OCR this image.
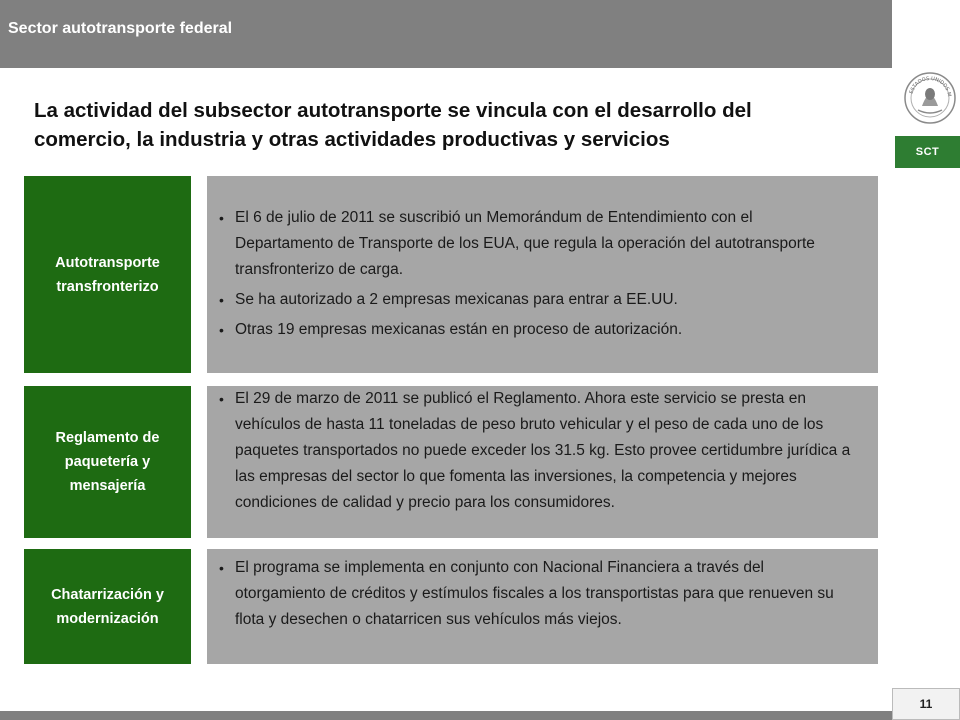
Sector autotransporte federal
ESTADOS UNIDOS M
SCT
La actividad del subsector autotransporte se vincula con el desarrollo del comercio, la industria y otras actividades productivas y servicios
Autotransporte transfronterizo
• El 6 de julio de 2011 se suscribió un Memorándum de Entendimiento con el Departamento de Transporte de los EUA, que regula la operación del autotransporte transfronterizo de carga.
• Se ha autorizado a 2 empresas mexicanas para entrar a EE.UU.
• Otras 19 empresas mexicanas están en proceso de autorización.
Reglamento de paquetería y mensajería
• El 29 de marzo de 2011 se publicó el Reglamento. Ahora este servicio se presta en vehículos de hasta 11 toneladas de peso bruto vehicular y el peso de cada uno de los paquetes transportados no puede exceder los 31.5 kg. Esto provee certidumbre jurídica a las empresas del sector lo que fomenta las inversiones, la competencia y mejores condiciones de calidad y precio para los consumidores.
Chatarrización y modernización
• El programa se implementa en conjunto con Nacional Financiera a través del otorgamiento de créditos y estímulos fiscales a los transportistas para que renueven su flota y desechen o chatarricen sus vehículos más viejos.
11
